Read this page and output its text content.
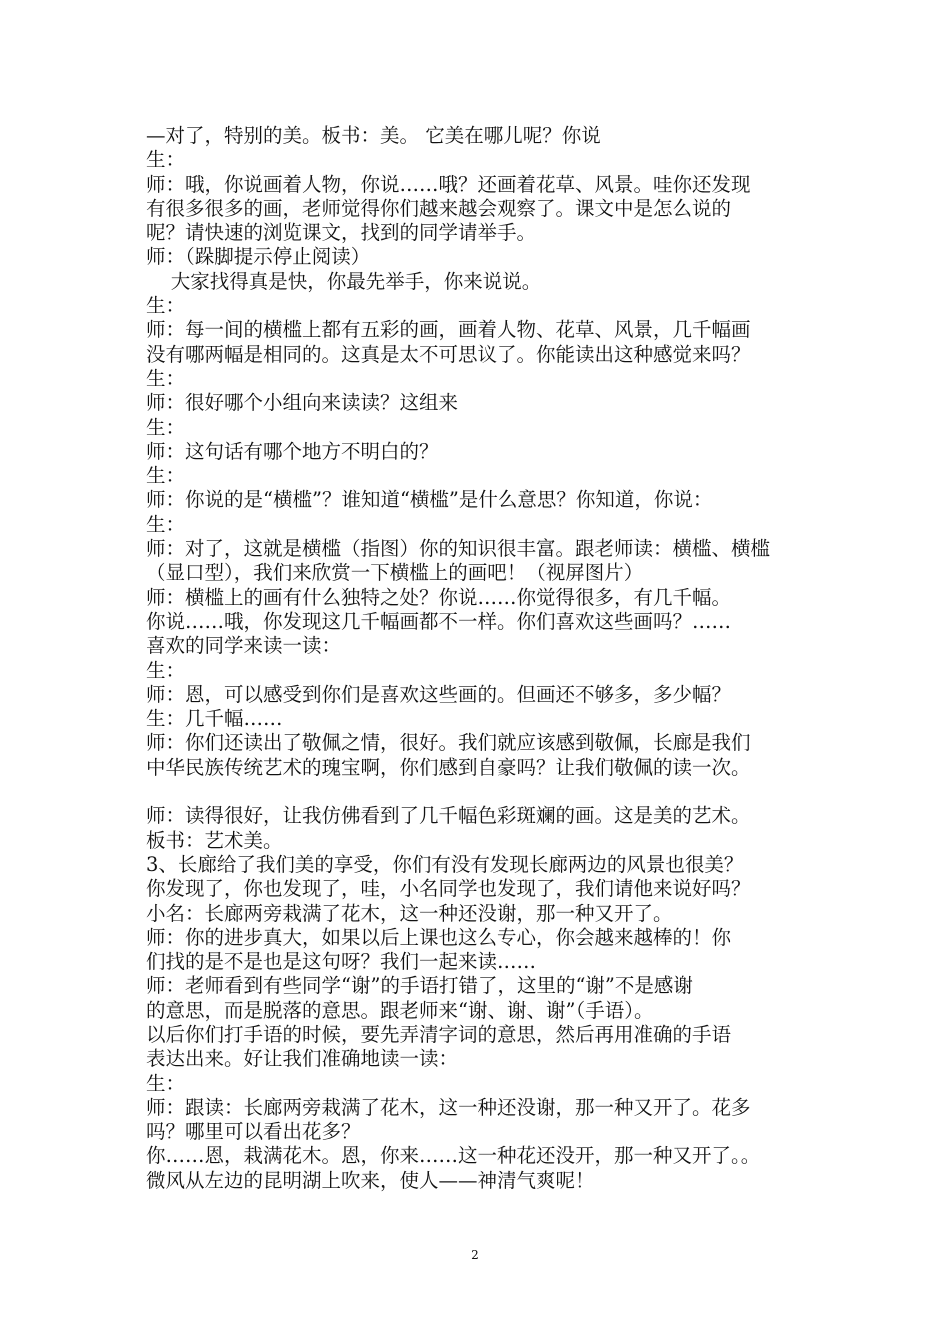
—对了，特别的美。板书：美。 它美在哪儿呢？你说
生：
师：哦，你说画着人物，你说……哦？还画着花草、风景。哇你还发现
有很多很多的画，老师觉得你们越来越会观察了。课文中是怎么说的
呢？请快速的浏览课文，找到的同学请举手。
师：（跺脚提示停止阅读）
大家找得真是快，你最先举手，你来说说。
生：
师：每一间的横槛上都有五彩的画，画着人物、花草、风景，几千幅画
没有哪两幅是相同的。这真是太不可思议了。你能读出这种感觉来吗？
生：
师：很好哪个小组向来读读？这组来
生：
师：这句话有哪个地方不明白的？
生：
师：你说的是“横槛”？谁知道“横槛”是什么意思？你知道，你说：
生：
师：对了，这就是横槛（指图）你的知识很丰富。跟老师读：横槛、横槛
（显口型），我们来欣赏一下横槛上的画吧！（视屏图片）
师：横槛上的画有什么独特之处？你说……你觉得很多，有几千幅。
你说……哦，你发现这几千幅画都不一样。你们喜欢这些画吗？……
喜欢的同学来读一读：
生：
师：恩，可以感受到你们是喜欢这些画的。但画还不够多，多少幅？
生：几千幅……
师：你们还读出了敬佩之情，很好。我们就应该感到敬佩，长廊是我们
中华民族传统艺术的瑰宝啊，你们感到自豪吗？让我们敬佩的读一次。
师：读得很好，让我仿佛看到了几千幅色彩斑斓的画。这是美的艺术。
板书：艺术美。
3、长廊给了我们美的享受，你们有没有发现长廊两边的风景也很美？
你发现了，你也发现了，哇，小名同学也发现了，我们请他来说好吗？
小名：长廊两旁栽满了花木，这一种还没谢，那一种又开了。
师：你的进步真大，如果以后上课也这么专心，你会越来越棒的！你
们找的是不是也是这句呀？我们一起来读……
师：老师看到有些同学“谢”的手语打错了，这里的“谢”不是感谢
的意思，而是脱落的意思。跟老师来“谢、谢、谢”（手语）。
以后你们打手语的时候，要先弄清字词的意思，然后再用准确的手语
表达出来。好让我们准确地读一读：
生：
师：跟读：长廊两旁栽满了花木，这一种还没谢，那一种又开了。花多
吗？哪里可以看出花多？
你……恩，栽满花木。恩，你来……这一种花还没开，那一种又开了。。
微风从左边的昆明湖上吹来，使人——神清气爽呢！
2
